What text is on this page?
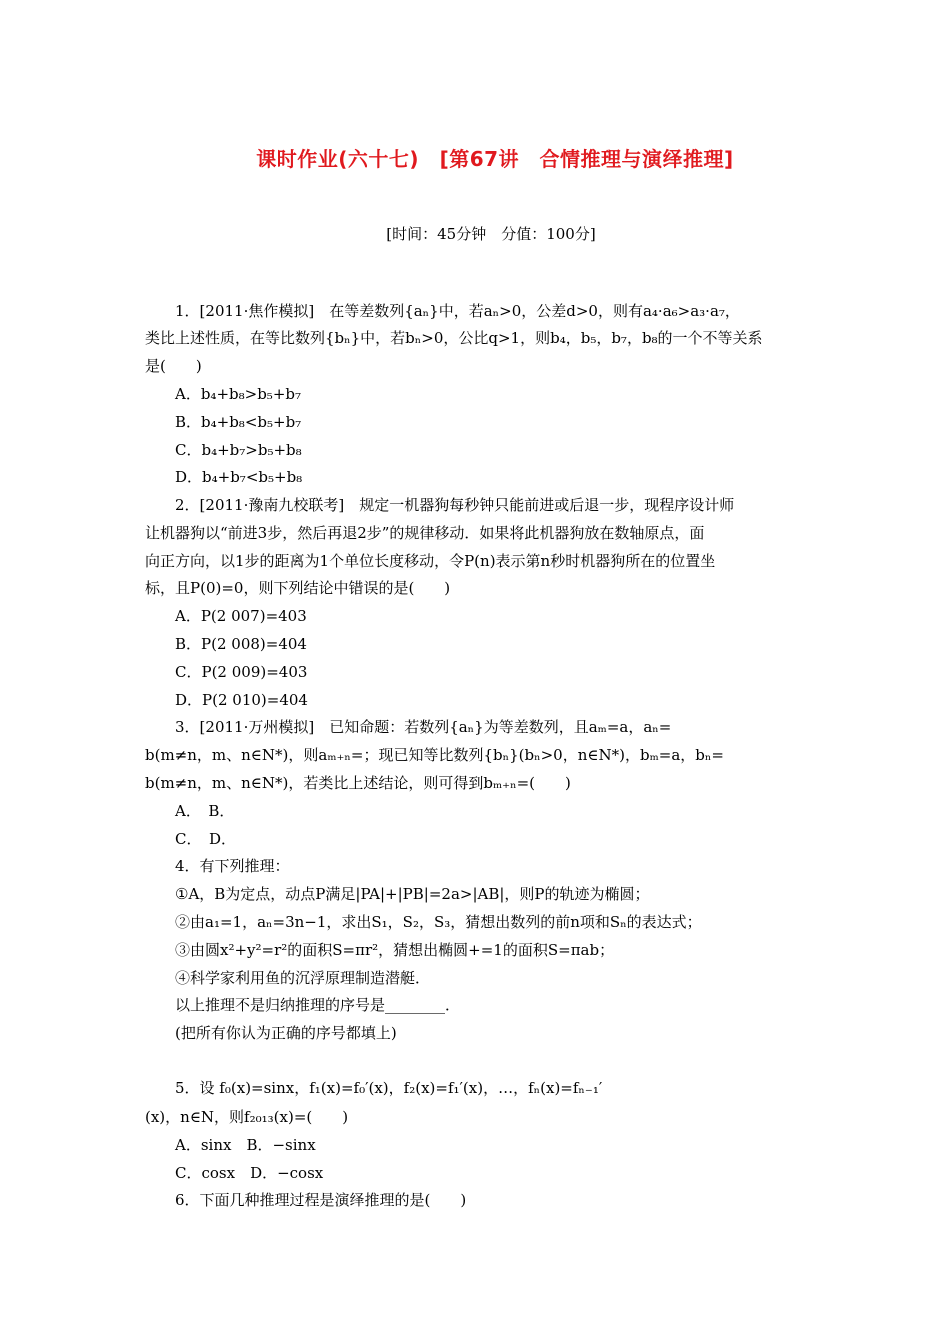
课时作业(六十七)　[第67讲　合情推理与演绎推理]
[时间：45分钟　分值：100分]
1．[2011·焦作模拟]　在等差数列{aₙ}中，若aₙ>0，公差d>0，则有a₄·a₆>a₃·a₇，
类比上述性质，在等比数列{bₙ}中，若bₙ>0，公比q>1，则b₄，b₅，b₇，b₈的一个不等关系
是(　　)
A．b₄+b₈>b₅+b₇
B．b₄+b₈<b₅+b₇
C．b₄+b₇>b₅+b₈
D．b₄+b₇<b₅+b₈
2．[2011·豫南九校联考]　规定一机器狗每秒钟只能前进或后退一步，现程序设计师
让机器狗以“前进3步，然后再退2步”的规律移动．如果将此机器狗放在数轴原点，面
向正方向，以1步的距离为1个单位长度移动，令P(n)表示第n秒时机器狗所在的位置坐
标，且P(0)=0，则下列结论中错误的是(　　)
A．P(2 007)=403
B．P(2 008)=404
C．P(2 009)=403
D．P(2 010)=404
3．[2011·万州模拟]　已知命题：若数列{aₙ}为等差数列，且aₘ=a，aₙ=
b(m≠n，m、n∈N*)，则aₘ₊ₙ=；现已知等比数列{bₙ}(bₙ>0，n∈N*)，bₘ=a，bₙ=
b(m≠n，m、n∈N*)，若类比上述结论，则可得到bₘ₊ₙ=(　　)
A．　B．
C．　D．
4．有下列推理：
①A，B为定点，动点P满足|PA|+|PB|=2a>|AB|，则P的轨迹为椭圆；
②由a₁=1，aₙ=3n−1，求出S₁，S₂，S₃，猜想出数列的前n项和Sₙ的表达式；
③由圆x²+y²=r²的面积S=πr²，猜想出椭圆+=1的面积S=πab；
④科学家利用鱼的沉浮原理制造潜艇．
以上推理不是归纳推理的序号是________．
(把所有你认为正确的序号都填上)
5．设 f₀(x)=sinx，f₁(x)=f₀′(x)，f₂(x)=f₁′(x)，…，fₙ(x)=fₙ₋₁′
(x)，n∈N，则f₂₀₁₃(x)=(　　)
A．sinx　B．−sinx
C．cosx　D．−cosx
6．下面几种推理过程是演绎推理的是(　　)
